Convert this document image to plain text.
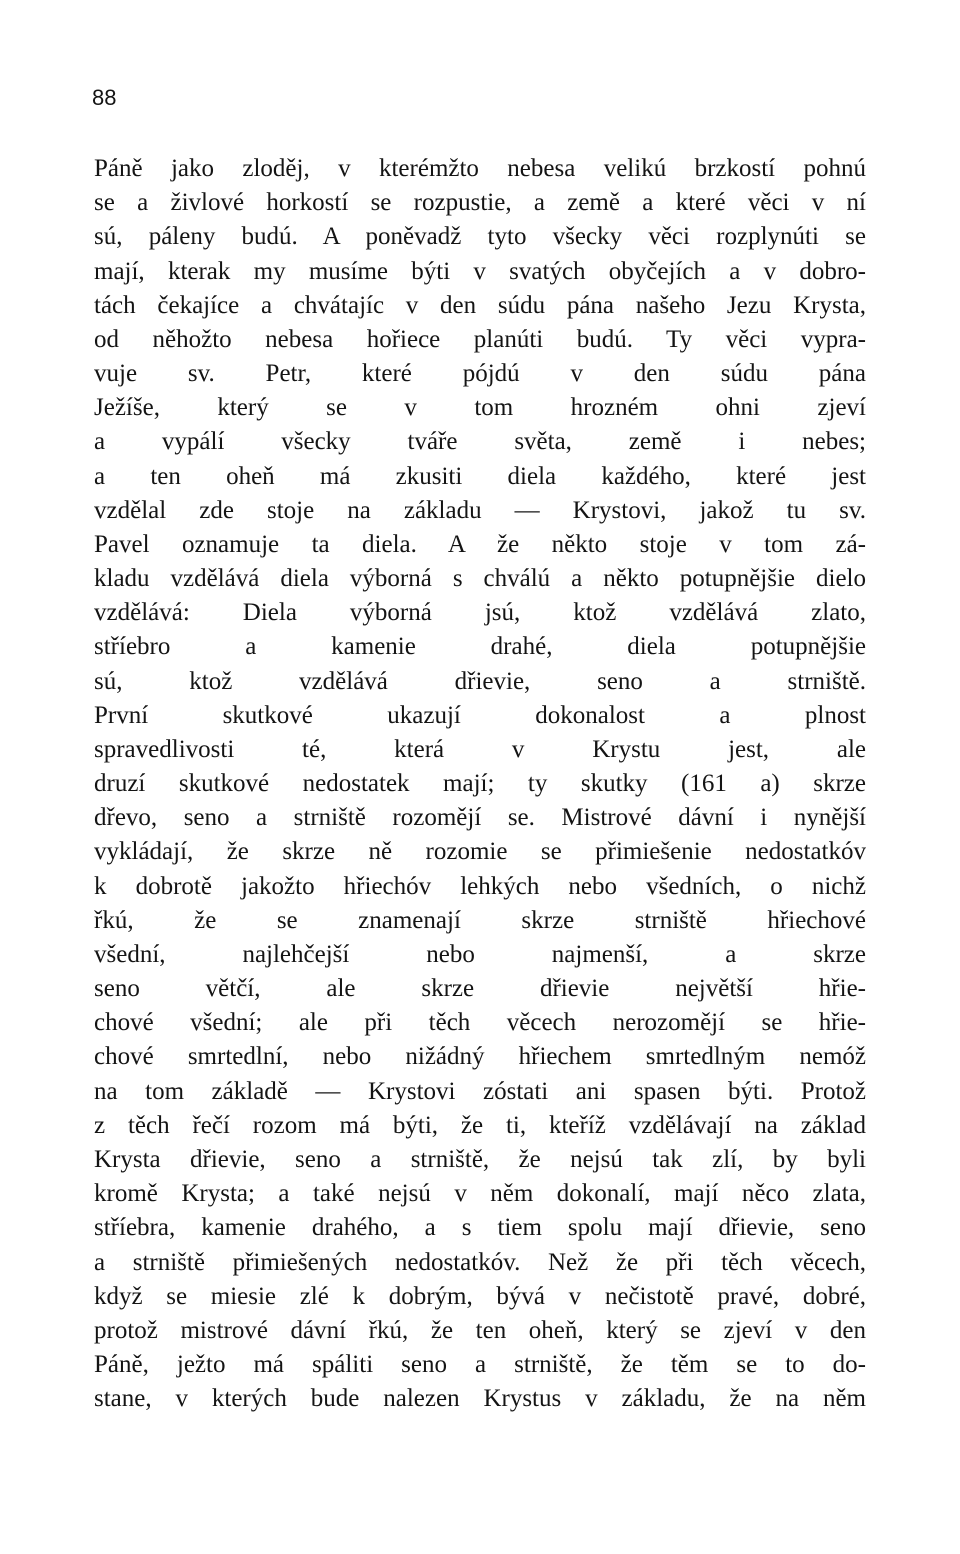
88
Páně jako zloděj, v kterémžto nebesa velikú brzkostí pohnú
se a živlové horkostí se rozpustie, a země a které věci v ní
sú, páleny budú. A poněvadž tyto všecky věci rozplynúti se
mají, kterak my musíme býti v svatých obyčejích a v dobro-
tách čekajíce a chvátajíc v den súdu pána našeho Jezu Krysta,
od něhožto nebesa hořiece planúti budú. Ty věci vypra-
vuje sv. Petr, které pójdú v den súdu pána
Ježíše, který se v tom hrozném ohni zjeví
a vypálí všecky tváře světa, země i nebes;
a ten oheň má zkusiti diela každého, které jest
vzdělal zde stoje na základu — Krystovi, jakož tu sv.
Pavel oznamuje ta diela. A že někto stoje v tom zá-
kladu vzdělává diela výborná s chválú a někto potupnějšie dielo
vzdělává: Diela výborná jsú, ktož vzdělává zlato,
stříebro a kamenie drahé, diela potupnějšie
sú, ktož vzdělává dřievie, seno a strniště.
První skutkové ukazují dokonalost a plnost
spravedlivosti té, která v Krystu jest, ale
druzí skutkové nedostatek mají; ty skutky (161 a) skrze
dřevo, seno a strniště rozomějí se. Mistrové dávní i nynější
vykládají, že skrze ně rozomie se přimiešenie nedostatkóv
k dobrotě jakožto hřiechóv lehkých nebo všedních, o nichž
řkú, že se znamenají skrze strniště hřiechové
všední, najlehčejší nebo najmenší, a skrze
seno větčí, ale skrze dřievie největší hřie-
chové všední; ale při těch věcech nerozomějí se hřie-
chové smrtedlní, nebo nižádný hřiechem smrtedlným nemóž
na tom základě — Krystovi zóstati ani spasen býti. Protož
z těch řečí rozom má býti, že ti, kteříž vzdělávají na základ
Krysta dřievie, seno a strniště, že nejsú tak zlí, by byli
kromě Krysta; a také nejsú v něm dokonalí, mají něco zlata,
stříebra, kamenie drahého, a s tiem spolu mají dřievie, seno
a strniště přimiešených nedostatkóv. Než že při těch věcech,
když se miesie zlé k dobrým, bývá v nečistotě pravé, dobré,
protož mistrové dávní řkú, že ten oheň, který se zjeví v den
Páně, ježto má spáliti seno a strniště, že těm se to do-
stane, v kterých bude nalezen Krystus v základu, že na něm
